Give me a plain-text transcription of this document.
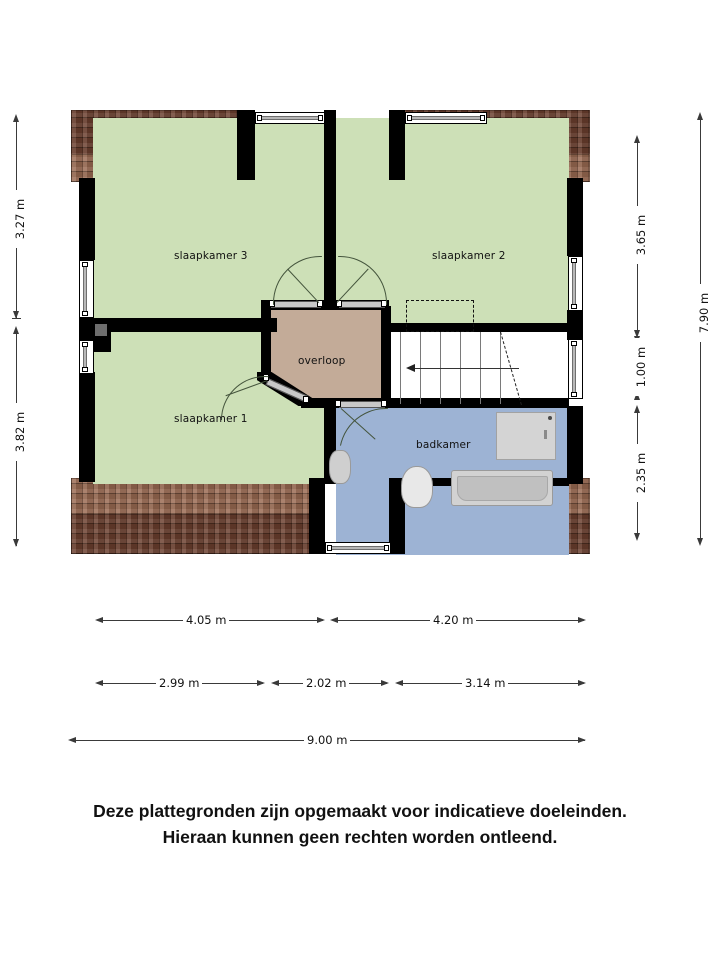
slaapkamer 3	slaapkamer 2
slaapkamer 1
overloop
badkamer
3.27 m
3.82 m
3.65 m
1.00 m
2.35 m
7.90 m
4.05 m	4.20 m
2.99 m	2.02 m	3.14 m
9.00 m
Deze plattegronden zijn opgemaakt voor indicatieve doeleinden.
Hieraan kunnen geen rechten worden ontleend.
